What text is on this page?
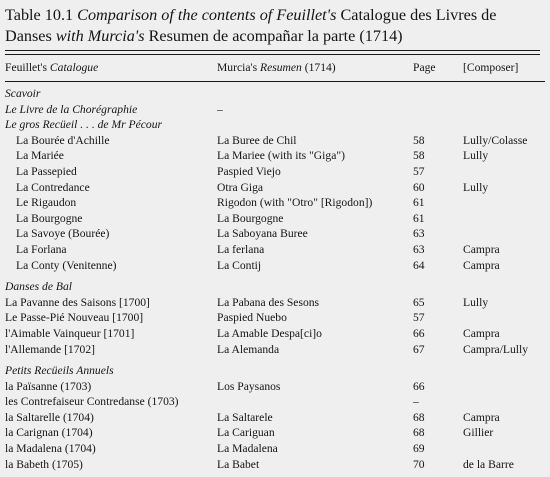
Table 10.1 Comparison of the contents of Feuillet's Catalogue des Livres de
Danses with Murcia's Resumen de acompañar la parte (1714)
Feuillet's Catalogue	Murcia's Resumen (1714)	Page	[Composer]

Scavoir			
Le Livre de la Chorégraphie	–		
Le gros Recüeil . . . de Mr Pécour			
La Bourée d'Achille	La Buree de Chil	58	Lully/Colasse
La Mariée	La Mariee (with its "Giga")	58	Lully
La Passepied	Paspied Viejo	57	
La Contredance	Otra Giga	60	Lully
Le Rigaudon	Rigodon (with "Otro" [Rigodon])	61	
La Bourgogne	La Bourgogne	61	
La Savoye (Bourée)	La Saboyana Buree	63	
La Forlana	La ferlana	63	Campra
La Conty (Venitenne)	La Contij	64	Campra

Danses de Bal			
La Pavanne des Saisons [1700]	La Pabana des Sesons	65	Lully
Le Passe-Pié Nouveau [1700]	Paspied Nuebo	57	
l'Aimable Vainqueur [1701]	La Amable Despa[ci]o	66	Campra
l'Allemande [1702]	La Alemanda	67	Campra/Lully

Petits Recüeils Annuels			
la Païsanne (1703)	Los Paysanos	66	
les Contrefaiseur Contredanse (1703)		–	
la Saltarelle (1704)	La Saltarele	68	Campra
la Carignan (1704)	La Cariguan	68	Gillier
la Madalena (1704)	La Madalena	69	
la Babeth (1705)	La Babet	70	de la Barre
